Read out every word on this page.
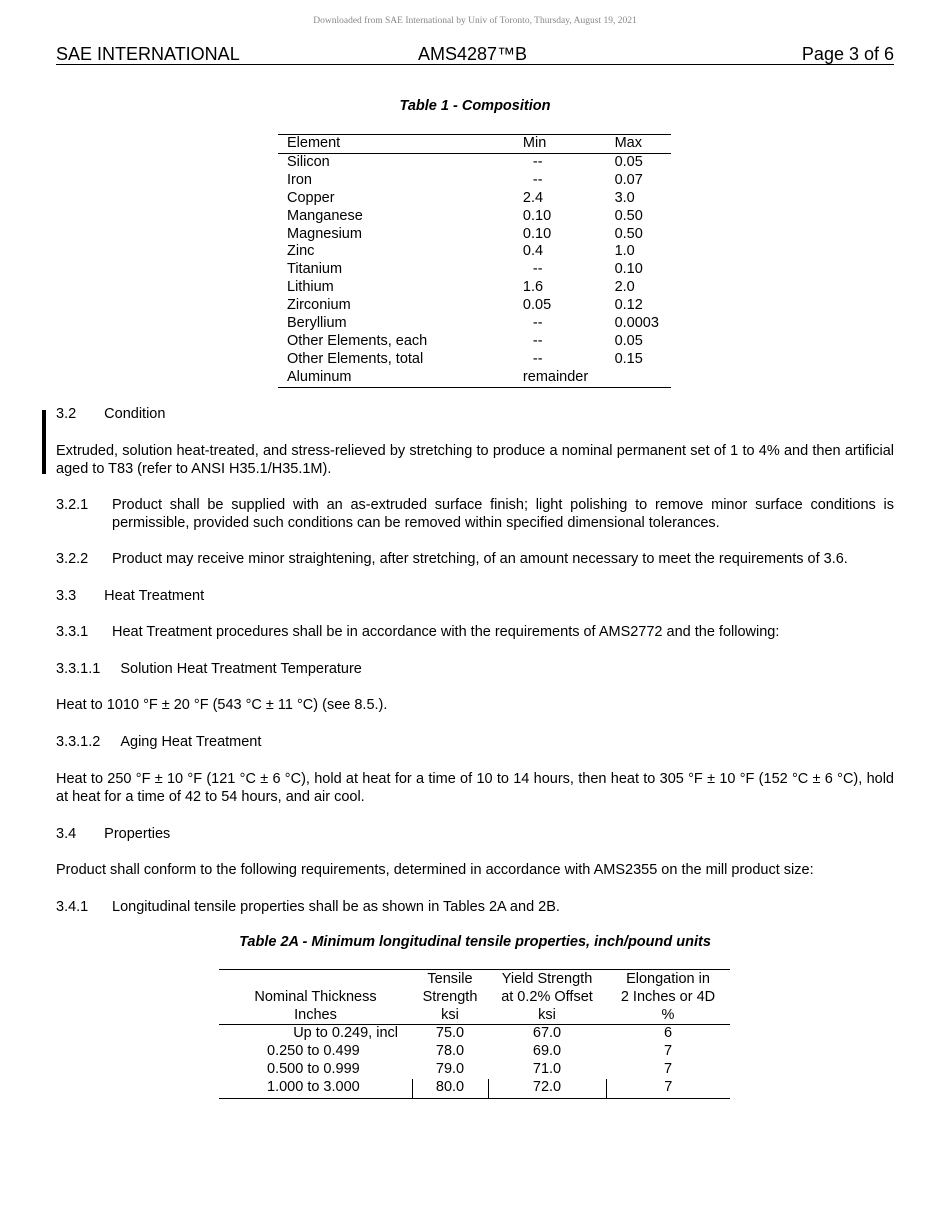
Downloaded from SAE International by Univ of Toronto, Thursday, August 19, 2021
SAE INTERNATIONAL	AMS4287™B	Page 3 of 6
Table 1 - Composition
Element	Min	Max
Silicon	--	0.05
Iron	--	0.07
Copper	2.4	3.0
Manganese	0.10	0.50
Magnesium	0.10	0.50
Zinc	0.4	1.0
Titanium	--	0.10
Lithium	1.6	2.0
Zirconium	0.05	0.12
Beryllium	--	0.0003
Other Elements, each	--	0.05
Other Elements, total	--	0.15
Aluminum	remainder	
3.2 Condition
Extruded, solution heat-treated, and stress-relieved by stretching to produce a nominal permanent set of 1 to 4% and then artificial aged to T83 (refer to ANSI H35.1/H35.1M).
3.2.1 Product shall be supplied with an as-extruded surface finish; light polishing to remove minor surface conditions is permissible, provided such conditions can be removed within specified dimensional tolerances.
3.2.2 Product may receive minor straightening, after stretching, of an amount necessary to meet the requirements of 3.6.
3.3 Heat Treatment
3.3.1 Heat Treatment procedures shall be in accordance with the requirements of AMS2772 and the following:
3.3.1.1 Solution Heat Treatment Temperature
Heat to 1010 °F ± 20 °F (543 °C ± 11 °C) (see 8.5.).
3.3.1.2 Aging Heat Treatment
Heat to 250 °F ± 10 °F (121 °C ± 6 °C), hold at heat for a time of 10 to 14 hours, then heat to 305 °F ± 10 °F (152 °C ± 6 °C), hold at heat for a time of 42 to 54 hours, and air cool.
3.4 Properties
Product shall conform to the following requirements, determined in accordance with AMS2355 on the mill product size:
3.4.1 Longitudinal tensile properties shall be as shown in Tables 2A and 2B.
Table 2A - Minimum longitudinal tensile properties, inch/pound units
	Tensile	Yield Strength	Elongation in
Nominal Thickness	Strength	at 0.2% Offset	2 Inches or 4D
Inches	ksi	ksi	%
Up to 0.249, incl	75.0	67.0	6
0.250 to 0.499	78.0	69.0	7
0.500 to 0.999	79.0	71.0	7
1.000 to 3.000	80.0	72.0	7
